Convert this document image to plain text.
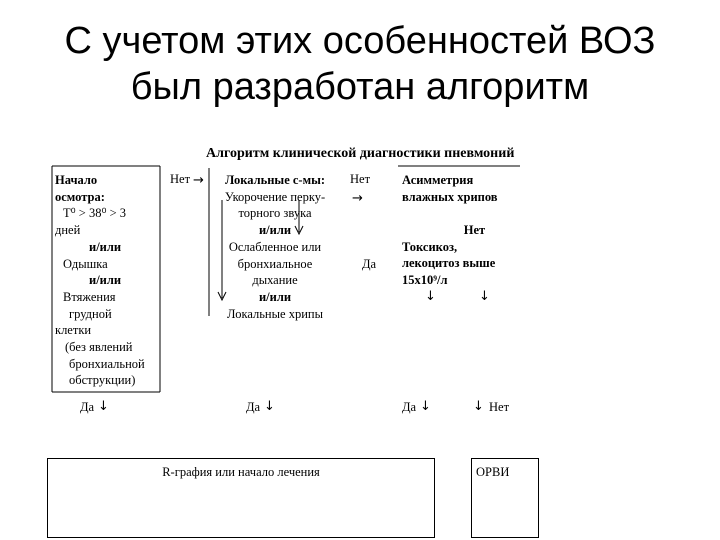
С учетом этих особенностей ВОЗ
был разработан алгоритм
Алгоритм клинической диагностики пневмоний
Начало
осмотра:
T⁰ > 38⁰ > 3
дней
и/или
Одышка
и/или
Втяжения
грудной
клетки
(без явлений
бронхиальной
обструкции)
Нет →	Локальные с-мы:
Укорочение перку-
торного звука
и/или
Ослабленное или
бронхиальное
дыхание
и/или
Локальные хрипы
Нет
→
Да
Асимметрия
влажных хрипов
Нет
Токсикоз,
лекоцитоз выше
15х10⁹/л
↓	↓
Да ↓	Да ↓	Да ↓	↓ Нет
R-графия или начало лечения	ОРВИ
